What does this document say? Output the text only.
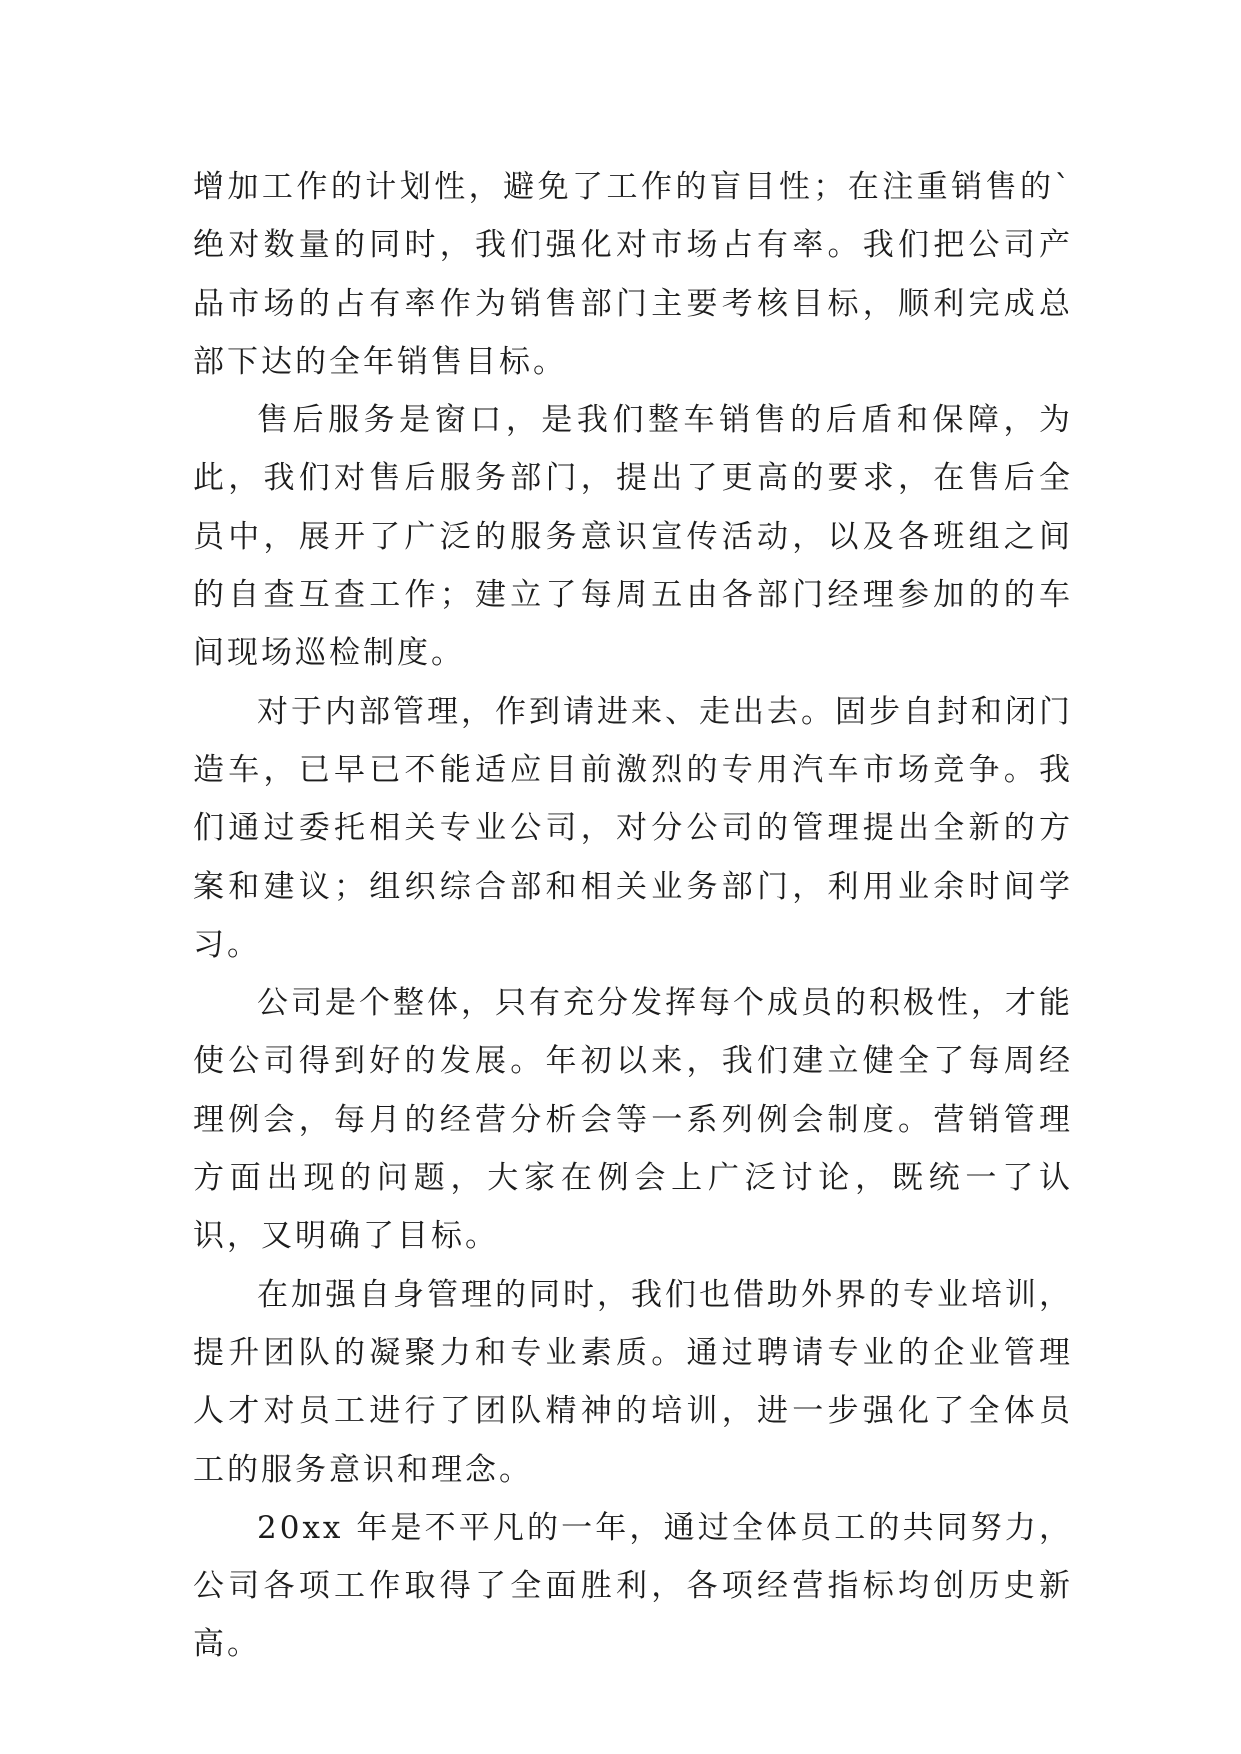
增加工作的计划性，避免了工作的盲目性；在注重销售的`绝对数量的同时，我们强化对市场占有率。我们把公司产品市场的占有率作为销售部门主要考核目标，顺利完成总部下达的全年销售目标。

售后服务是窗口，是我们整车销售的后盾和保障，为此，我们对售后服务部门，提出了更高的要求，在售后全员中，展开了广泛的服务意识宣传活动，以及各班组之间的自查互查工作；建立了每周五由各部门经理参加的的车间现场巡检制度。

对于内部管理，作到请进来、走出去。固步自封和闭门造车，已早已不能适应目前激烈的专用汽车市场竞争。我们通过委托相关专业公司，对分公司的管理提出全新的方案和建议；组织综合部和相关业务部门，利用业余时间学习。

公司是个整体，只有充分发挥每个成员的积极性，才能使公司得到好的发展。年初以来，我们建立健全了每周经理例会，每月的经营分析会等一系列例会制度。营销管理方面出现的问题，大家在例会上广泛讨论，既统一了认识，又明确了目标。

在加强自身管理的同时，我们也借助外界的专业培训，提升团队的凝聚力和专业素质。通过聘请专业的企业管理人才对员工进行了团队精神的培训，进一步强化了全体员工的服务意识和理念。

20xx 年是不平凡的一年，通过全体员工的共同努力，公司各项工作取得了全面胜利，各项经营指标均创历史新高。
